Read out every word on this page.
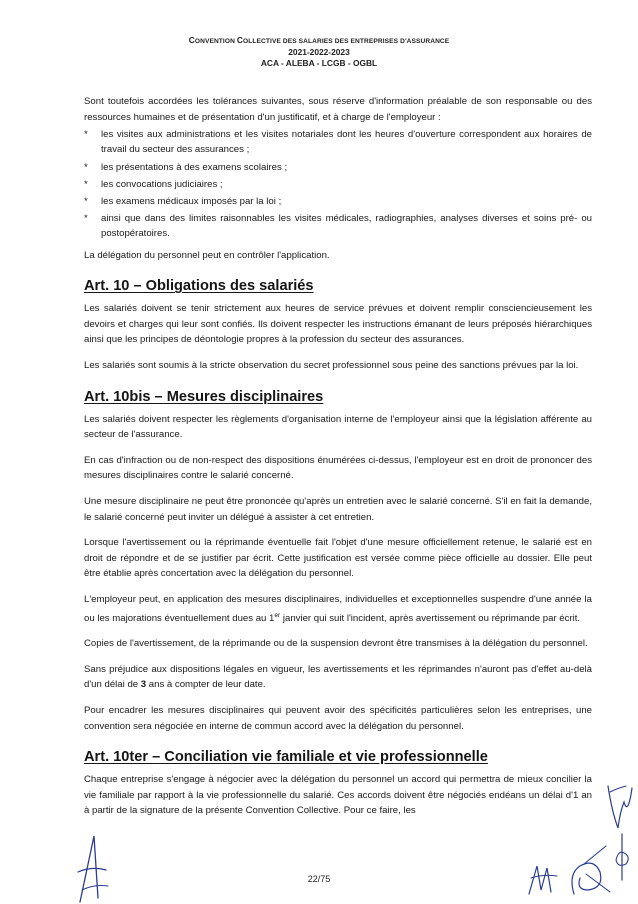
CONVENTION COLLECTIVE DES SALARIES DES ENTREPRISES D'ASSURANCE
2021-2022-2023
ACA - ALEBA - LCGB - OGBL

Sont toutefois accordées les tolérances suivantes, sous réserve d'information préalable de son responsable ou des ressources humaines et de présentation d'un justificatif, et à charge de l'employeur :

* les visites aux administrations et les visites notariales dont les heures d'ouverture correspondent aux horaires de travail du secteur des assurances ;
* les présentations à des examens scolaires ;
* les convocations judiciaires ;
* les examens médicaux imposés par la loi ;
* ainsi que dans des limites raisonnables les visites médicales, radiographies, analyses diverses et soins pré- ou postopératoires.

La délégation du personnel peut en contrôler l'application.

Art. 10 – Obligations des salariés

Les salariés doivent se tenir strictement aux heures de service prévues et doivent remplir consciencieusement les devoirs et charges qui leur sont confiés. Ils doivent respecter les instructions émanant de leurs préposés hiérarchiques ainsi que les principes de déontologie propres à la profession du secteur des assurances.

Les salariés sont soumis à la stricte observation du secret professionnel sous peine des sanctions prévues par la loi.

Art. 10bis – Mesures disciplinaires

Les salariés doivent respecter les règlements d'organisation interne de l'employeur ainsi que la législation afférente au secteur de l'assurance.

En cas d'infraction ou de non-respect des dispositions énumérées ci-dessus, l'employeur est en droit de prononcer des mesures disciplinaires contre le salarié concerné.

Une mesure disciplinaire ne peut être prononcée qu'après un entretien avec le salarié concerné. S'il en fait la demande, le salarié concerné peut inviter un délégué à assister à cet entretien.

Lorsque l'avertissement ou la réprimande éventuelle fait l'objet d'une mesure officiellement retenue, le salarié est en droit de répondre et de se justifier par écrit. Cette justification est versée comme pièce officielle au dossier. Elle peut être établie après concertation avec la délégation du personnel.

L'employeur peut, en application des mesures disciplinaires, individuelles et exceptionnelles suspendre d'une année la ou les majorations éventuellement dues au 1er janvier qui suit l'incident, après avertissement ou réprimande par écrit.

Copies de l'avertissement, de la réprimande ou de la suspension devront être transmises à la délégation du personnel.

Sans préjudice aux dispositions légales en vigueur, les avertissements et les réprimandes n'auront pas d'effet au-delà d'un délai de 3 ans à compter de leur date.

Pour encadrer les mesures disciplinaires qui peuvent avoir des spécificités particulières selon les entreprises, une convention sera négociée en interne de commun accord avec la délégation du personnel.

Art. 10ter – Conciliation vie familiale et vie professionnelle

Chaque entreprise s'engage à négocier avec la délégation du personnel un accord qui permettra de mieux concilier la vie familiale par rapport à la vie professionnelle du salarié. Ces accords doivent être négociés endéans un délai d'1 an à partir de la signature de la présente Convention Collective. Pour ce faire, les

22/75
